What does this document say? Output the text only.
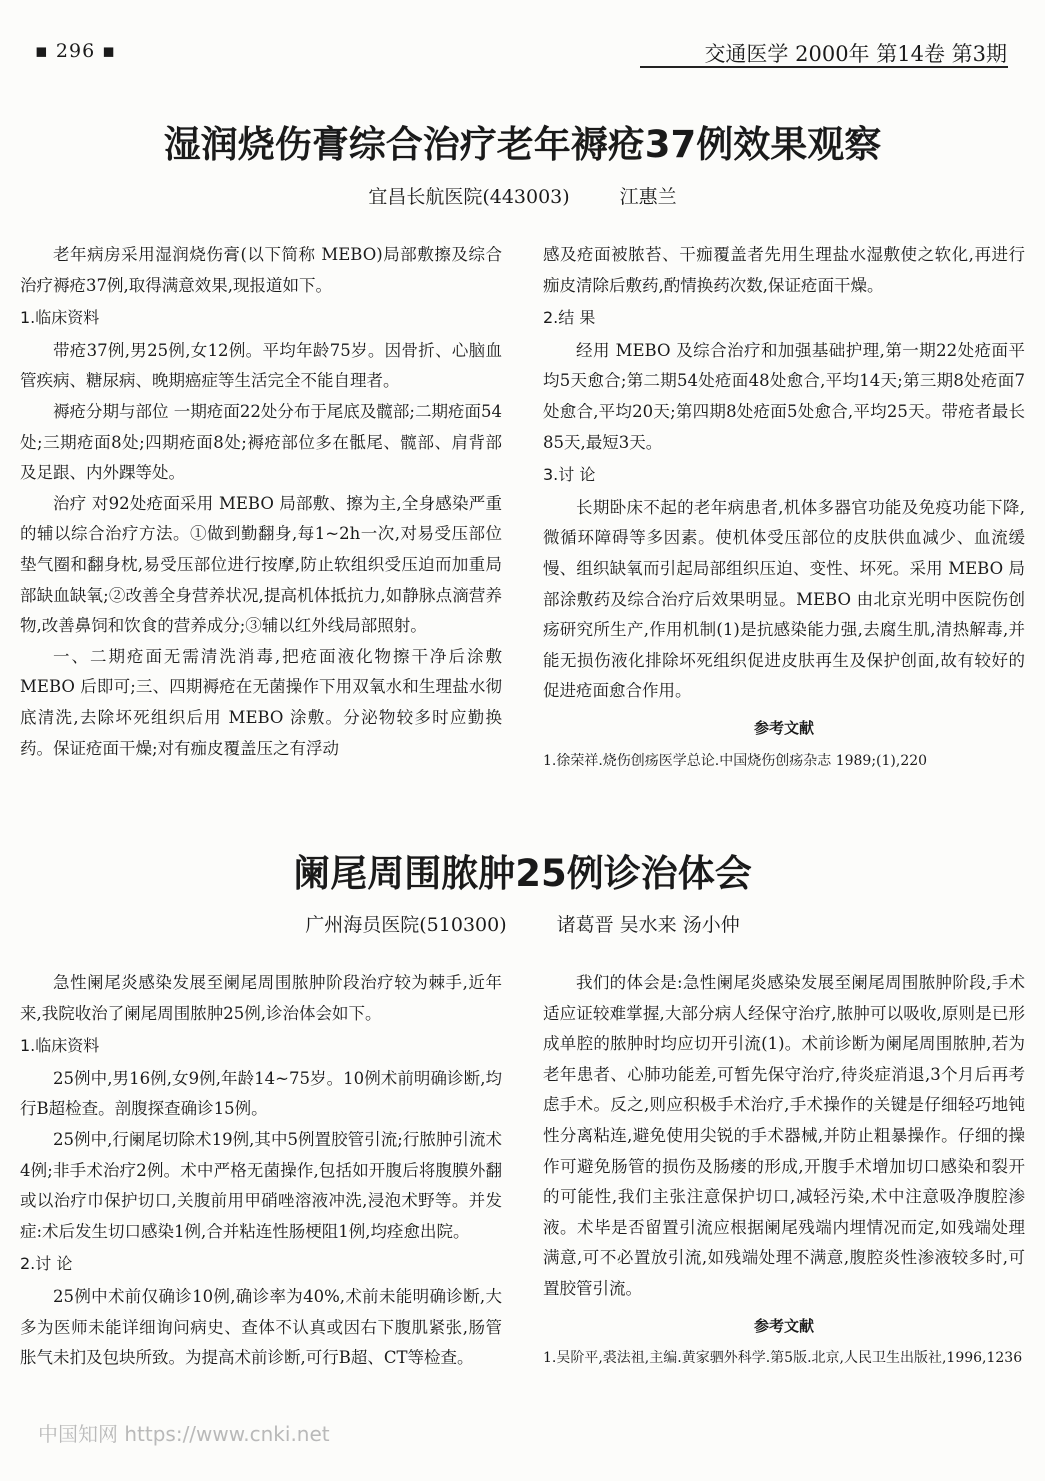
▪ 296 ▪	交通医学 2000年 第14卷 第3期
湿润烧伤膏综合治疗老年褥疮37例效果观察
宜昌长航医院(443003)	江惠兰

老年病房采用湿润烧伤膏(以下简称 MEBO)局部敷擦及综合治疗褥疮37例,取得满意效果,现报道如下。

1.临床资料

带疮37例,男25例,女12例。平均年龄75岁。因骨折、心脑血管疾病、糖尿病、晚期癌症等生活完全不能自理者。

褥疮分期与部位 一期疮面22处分布于尾底及髋部;二期疮面54处;三期疮面8处;四期疮面8处;褥疮部位多在骶尾、髋部、肩背部及足跟、内外踝等处。

治疗 对92处疮面采用 MEBO 局部敷、擦为主,全身感染严重的辅以综合治疗方法。①做到勤翻身,每1~2h一次,对易受压部位垫气圈和翻身枕,易受压部位进行按摩,防止软组织受压迫而加重局部缺血缺氧;②改善全身营养状况,提高机体抵抗力,如静脉点滴营养物,改善鼻饲和饮食的营养成分;③辅以红外线局部照射。

一、二期疮面无需清洗消毒,把疮面液化物擦干净后涂敷 MEBO 后即可;三、四期褥疮在无菌操作下用双氧水和生理盐水彻底清洗,去除坏死组织后用 MEBO 涂敷。分泌物较多时应勤换药。保证疮面干燥;对有痂皮覆盖压之有浮动

感及疮面被脓苔、干痂覆盖者先用生理盐水湿敷使之软化,再进行痂皮清除后敷药,酌情换药次数,保证疮面干燥。

2.结 果

经用 MEBO 及综合治疗和加强基础护理,第一期22处疮面平均5天愈合;第二期54处疮面48处愈合,平均14天;第三期8处疮面7处愈合,平均20天;第四期8处疮面5处愈合,平均25天。带疮者最长85天,最短3天。

3.讨 论

长期卧床不起的老年病患者,机体多器官功能及免疫功能下降,微循环障碍等多因素。使机体受压部位的皮肤供血减少、血流缓慢、组织缺氧而引起局部组织压迫、变性、坏死。采用 MEBO 局部涂敷药及综合治疗后效果明显。MEBO 由北京光明中医院伤创疡研究所生产,作用机制(1)是抗感染能力强,去腐生肌,清热解毒,并能无损伤液化排除坏死组织促进皮肤再生及保护创面,故有较好的促进疮面愈合作用。

参考文献

1.徐荣祥.烧伤创疡医学总论.中国烧伤创疡杂志 1989;(1),220

阑尾周围脓肿25例诊治体会
广州海员医院(510300)	诸葛晋 吴水来 汤小仲

急性阑尾炎感染发展至阑尾周围脓肿阶段治疗较为棘手,近年来,我院收治了阑尾周围脓肿25例,诊治体会如下。

1.临床资料

25例中,男16例,女9例,年龄14~75岁。10例术前明确诊断,均行B超检查。剖腹探查确诊15例。

25例中,行阑尾切除术19例,其中5例置胶管引流;行脓肿引流术4例;非手术治疗2例。术中严格无菌操作,包括如开腹后将腹膜外翻或以治疗巾保护切口,关腹前用甲硝唑溶液冲洗,浸泡术野等。并发症:术后发生切口感染1例,合并粘连性肠梗阻1例,均痊愈出院。

2.讨 论

25例中术前仅确诊10例,确诊率为40%,术前未能明确诊断,大多为医师未能详细询问病史、查体不认真或因右下腹肌紧张,肠管胀气未扪及包块所致。为提高术前诊断,可行B超、CT等检查。

我们的体会是:急性阑尾炎感染发展至阑尾周围脓肿阶段,手术适应证较难掌握,大部分病人经保守治疗,脓肿可以吸收,原则是已形成单腔的脓肿时均应切开引流(1)。术前诊断为阑尾周围脓肿,若为老年患者、心肺功能差,可暂先保守治疗,待炎症消退,3个月后再考虑手术。反之,则应积极手术治疗,手术操作的关键是仔细轻巧地钝性分离粘连,避免使用尖锐的手术器械,并防止粗暴操作。仔细的操作可避免肠管的损伤及肠瘘的形成,开腹手术增加切口感染和裂开的可能性,我们主张注意保护切口,减轻污染,术中注意吸净腹腔渗液。术毕是否留置引流应根据阑尾残端内埋情况而定,如残端处理满意,可不必置放引流,如残端处理不满意,腹腔炎性渗液较多时,可置胶管引流。

参考文献

1.吴阶平,裘法祖,主编.黄家驷外科学.第5版.北京,人民卫生出版社,1996,1236

中国知网 https://www.cnki.net
